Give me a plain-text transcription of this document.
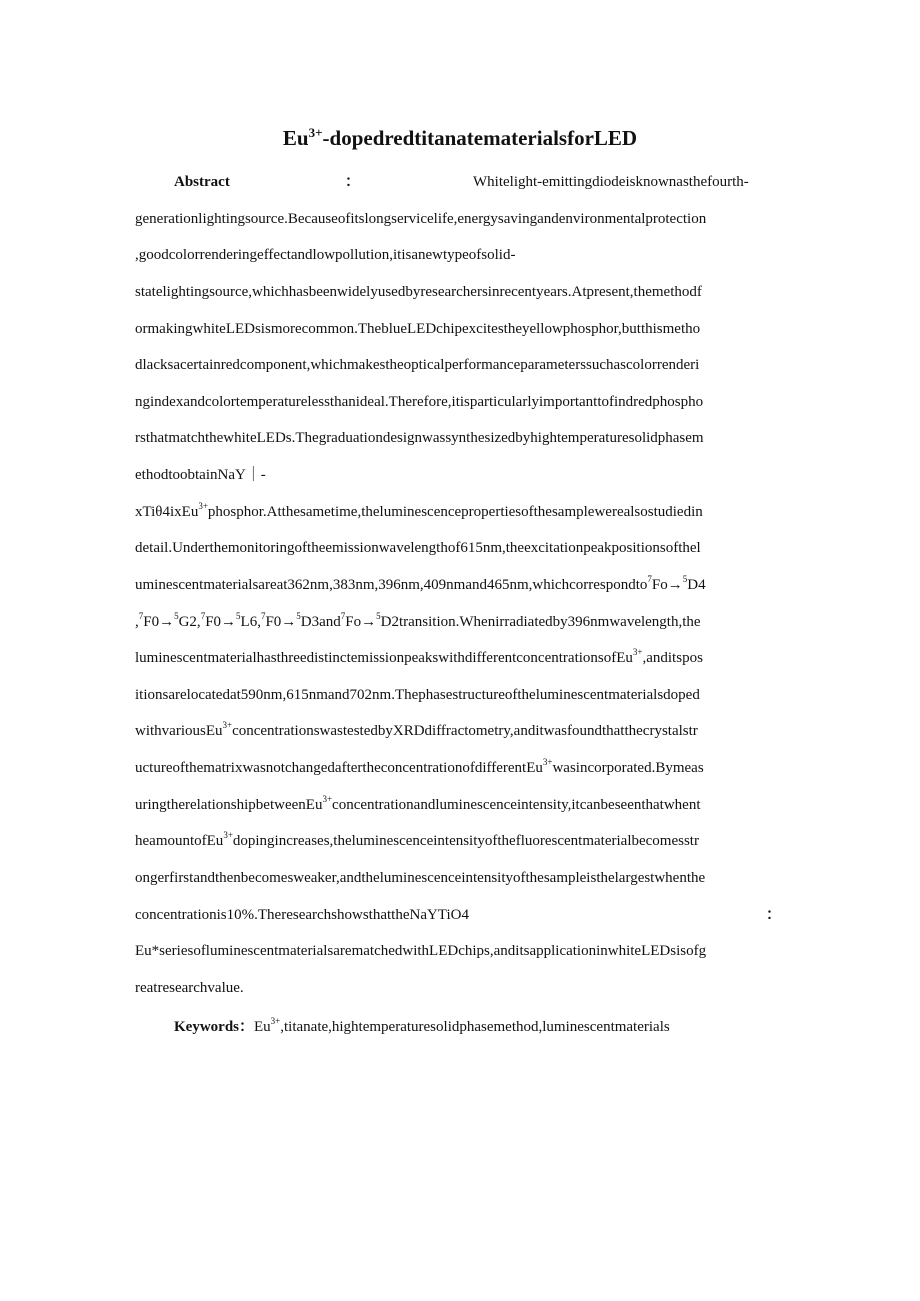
$Eu^{3+}$-dopedredtitanatematerialsforLED
Abstract	：	Whitelight-emittingdiodeisknownasthefourth-
generationlightingsource.Becauseofitslongservicelife,energysavingandenvironmentalprotection
,goodcolorrenderingeffectandlowpollution,itisanewtypeofsolid-
statelightingsource,whichhasbeenwidelyusedbyresearchersinrecentyears.Atpresent,themethodf
ormakingwhiteLEDsismorecommon.TheblueLEDchipexcitestheyellowphosphor,butthismetho
dlacksacertainredcomponent,whichmakestheopticalperformanceparameterssuchascolorrenderi
ngindexandcolortemperaturelessthanideal.Therefore,itisparticularlyimportanttofindredphospho
rsthatmatchthewhiteLEDs.Thegraduationdesignwassynthesizedbyhightemperaturesolidphasem
ethodtoobtainNaY｜-
xTiθ4ixEu$^{3+}$phosphor.Atthesametime,theluminescencepropertiesofthesamplewerealsostudiedin
detail.Underthemonitoringoftheemissionwavelengthof615nm,theexcitationpeakpositionsofthel
uminescentmaterialsareat362nm,383nm,396nm,409nmand465nm,whichcorrespondto$^7$Fo→$^5$D4
,$^7$F0→$^5$G2,$^7$F0→$^5$L6,$^7$F0→$^5$D3and$^7$Fo→$^5$D2transition.Whenirradiatedby396nmwavelength,the
luminescentmaterialhasthreedistinctemissionpeakswithdifferentconcentrationsofEu$^{3+}$,anditspos
itionsarelocatedat590nm,615nmand702nm.Thephasestructureoftheluminescentmaterialsdoped
withvariousEu$^{3+}$concentrationswastestedbyXRDdiffractometry,anditwasfoundthatthecrystalstr
uctureofthematrixwasnotchangedaftertheconcentrationofdifferentEu$^{3+}$wasincorporated.Bymeas
uringtherelationshipbetweenEu$^{3+}$concentrationandluminescenceintensity,itcanbeseenthatwhent
heamountofEu$^{3+}$dopingincreases,theluminescenceintensityofthefluorescentmaterialbecomesstr
ongerfirstandthenbecomesweaker,andtheluminescenceintensityofthesampleisthelargestwhenthe
concentrationis10%.TheresearchshowsthattheNaYTiO4	：
Eu*seriesofluminescentmaterialsarematchedwithLEDchips,anditsapplicationinwhiteLEDsisofg
reatresearchvalue.
Keywords：$Eu^{3+},titanate,hightemperaturesolidphasemethod,luminescentmaterials$
